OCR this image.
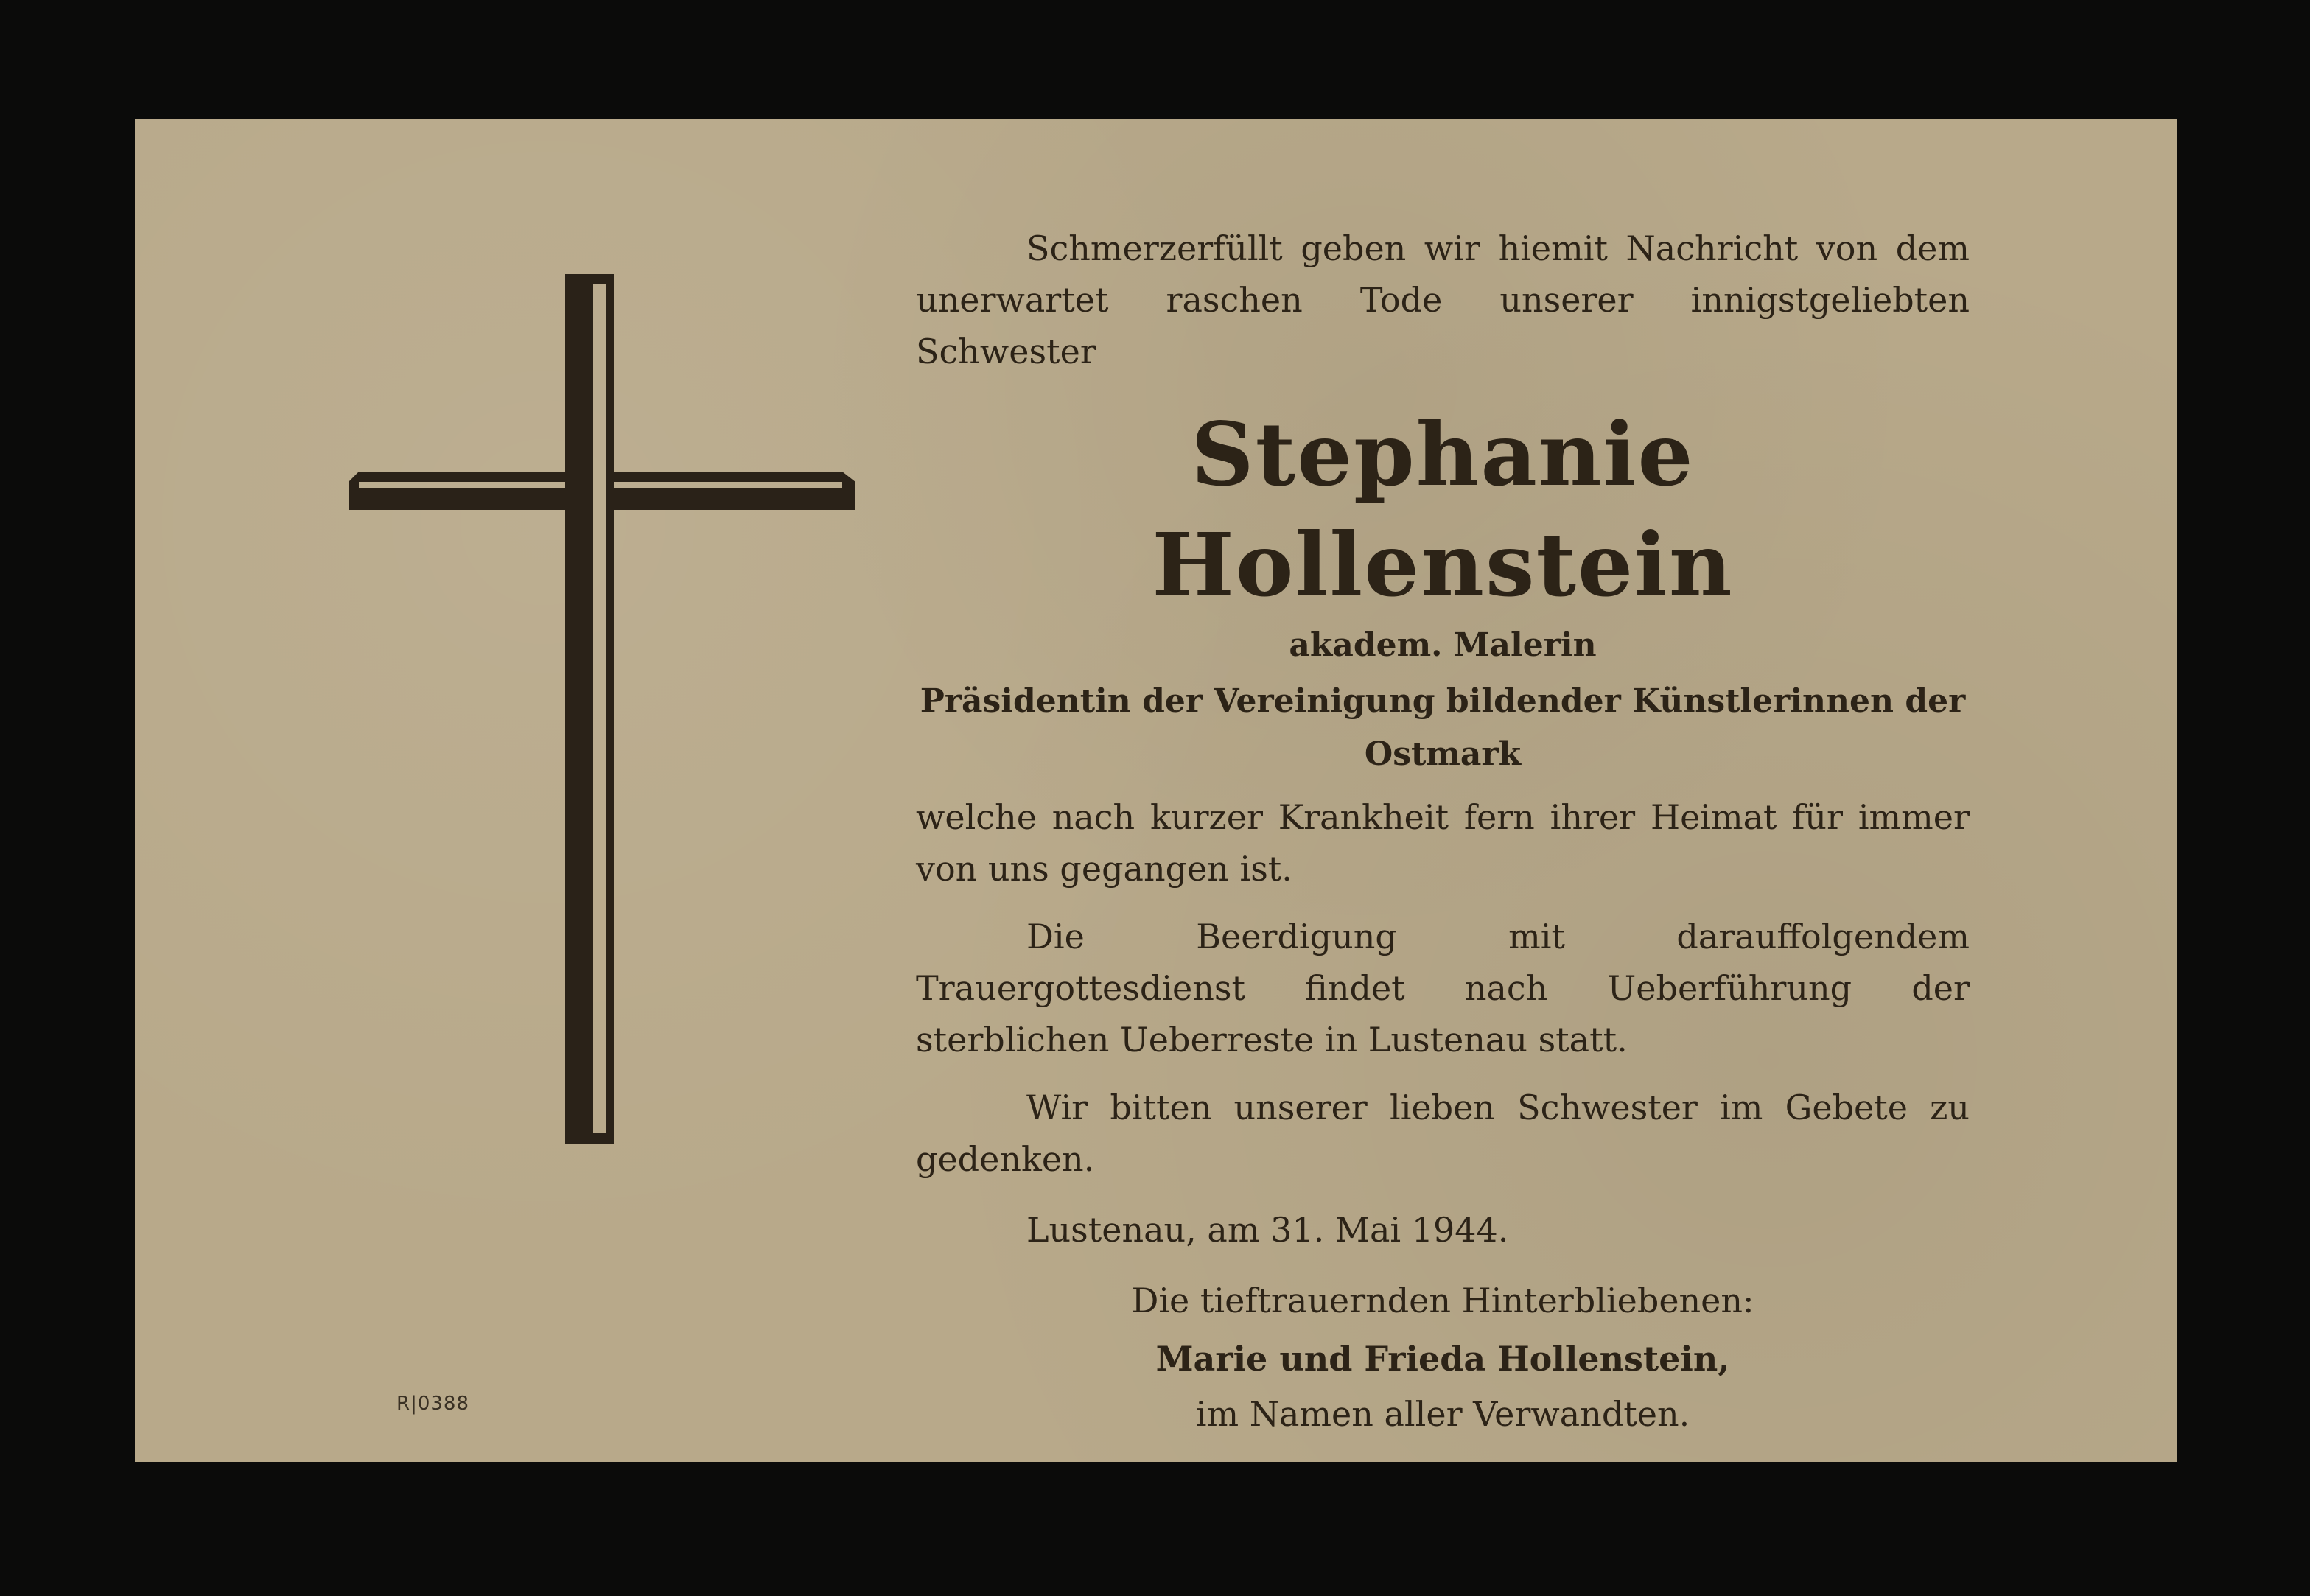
Schmerzerfüllt geben wir hiemit Nachricht von dem unerwartet raschen Tode unserer innigstgeliebten Schwester

Stephanie Hollenstein
akadem. Malerin
Präsidentin der Vereinigung bildender Künstlerinnen der Ostmark

welche nach kurzer Krankheit fern ihrer Heimat für immer von uns gegangen ist.

Die Beerdigung mit darauffolgendem Trauergottesdienst findet nach Ueberführung der sterblichen Ueberreste in Lustenau statt.

Wir bitten unserer lieben Schwester im Gebete zu gedenken.

Lustenau, am 31. Mai 1944.
Die tieftrauernden Hinterbliebenen:
Marie und Frieda Hollenstein,
im Namen aller Verwandten.
R|0388
